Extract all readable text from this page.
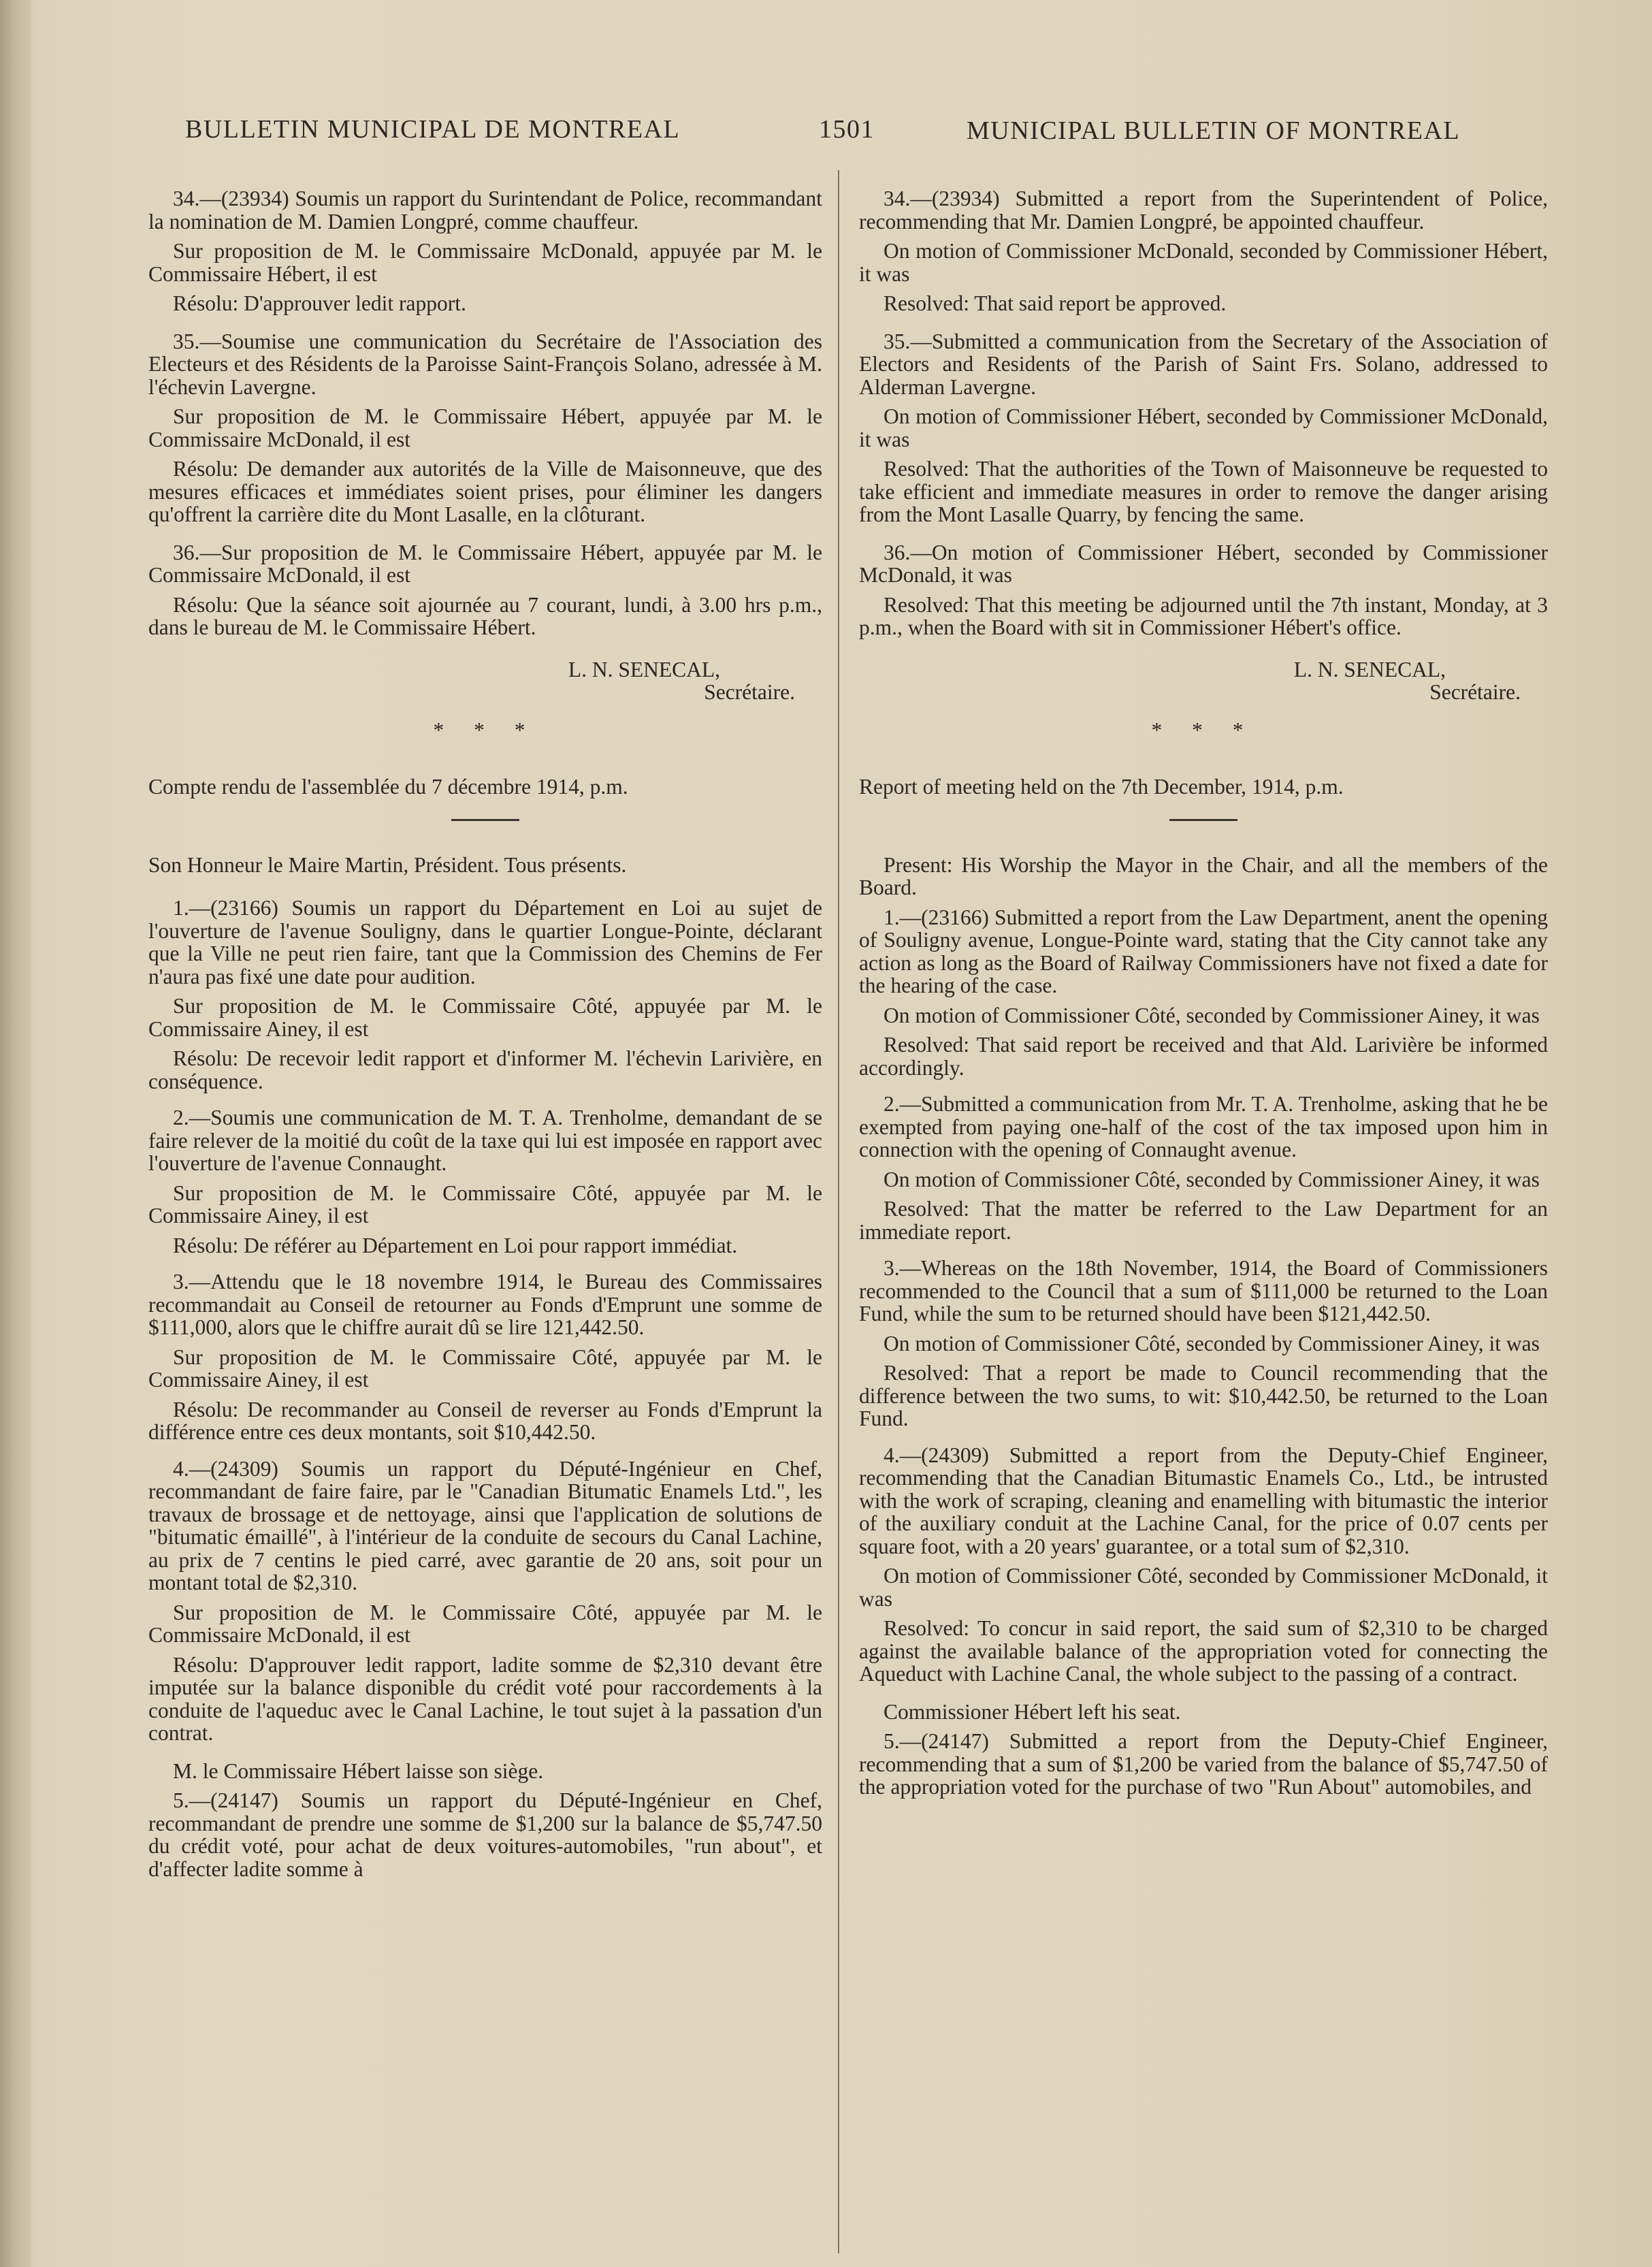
BULLETIN MUNICIPAL DE MONTREAL	1501	MUNICIPAL BULLETIN OF MONTREAL

34.—(23934) Soumis un rapport du Surintendant de Police, recommandant la nomination de M. Damien Longpré, comme chauffeur.

Sur proposition de M. le Commissaire McDonald, appuyée par M. le Commissaire Hébert, il est

Résolu: D'approuver ledit rapport.

35.—Soumise une communication du Secrétaire de l'Association des Electeurs et des Résidents de la Paroisse Saint-François Solano, adressée à M. l'échevin Lavergne.

Sur proposition de M. le Commissaire Hébert, appuyée par M. le Commissaire McDonald, il est

Résolu: De demander aux autorités de la Ville de Maisonneuve, que des mesures efficaces et immédiates soient prises, pour éliminer les dangers qu'offrent la carrière dite du Mont Lasalle, en la clôturant.

36.—Sur proposition de M. le Commissaire Hébert, appuyée par M. le Commissaire McDonald, il est

Résolu: Que la séance soit ajournée au 7 courant, lundi, à 3.00 hrs p.m., dans le bureau de M. le Commissaire Hébert.

L. N. SENECAL,

Secrétaire.

* * *

Compte rendu de l'assemblée du 7 décembre 1914, p.m.

Son Honneur le Maire Martin, Président. Tous présents.

1.—(23166) Soumis un rapport du Département en Loi au sujet de l'ouverture de l'avenue Souligny, dans le quartier Longue-Pointe, déclarant que la Ville ne peut rien faire, tant que la Commission des Chemins de Fer n'aura pas fixé une date pour audition.

Sur proposition de M. le Commissaire Côté, appuyée par M. le Commissaire Ainey, il est

Résolu: De recevoir ledit rapport et d'informer M. l'échevin Larivière, en conséquence.

2.—Soumis une communication de M. T. A. Trenholme, demandant de se faire relever de la moitié du coût de la taxe qui lui est imposée en rapport avec l'ouverture de l'avenue Connaught.

Sur proposition de M. le Commissaire Côté, appuyée par M. le Commissaire Ainey, il est

Résolu: De référer au Département en Loi pour rapport immédiat.

3.—Attendu que le 18 novembre 1914, le Bureau des Commissaires recommandait au Conseil de retourner au Fonds d'Emprunt une somme de $111,000, alors que le chiffre aurait dû se lire 121,442.50.

Sur proposition de M. le Commissaire Côté, appuyée par M. le Commissaire Ainey, il est

Résolu: De recommander au Conseil de reverser au Fonds d'Emprunt la différence entre ces deux montants, soit $10,442.50.

4.—(24309) Soumis un rapport du Député-Ingénieur en Chef, recommandant de faire faire, par le "Canadian Bitumatic Enamels Ltd.", les travaux de brossage et de nettoyage, ainsi que l'application de solutions de "bitumatic émaillé", à l'intérieur de la conduite de secours du Canal Lachine, au prix de 7 centins le pied carré, avec garantie de 20 ans, soit pour un montant total de $2,310.

Sur proposition de M. le Commissaire Côté, appuyée par M. le Commissaire McDonald, il est

Résolu: D'approuver ledit rapport, ladite somme de $2,310 devant être imputée sur la balance disponible du crédit voté pour raccordements à la conduite de l'aqueduc avec le Canal Lachine, le tout sujet à la passation d'un contrat.

M. le Commissaire Hébert laisse son siège.

5.—(24147) Soumis un rapport du Député-Ingénieur en Chef, recommandant de prendre une somme de $1,200 sur la balance de $5,747.50 du crédit voté, pour achat de deux voitures-automobiles, "run about", et d'affecter ladite somme à

34.—(23934) Submitted a report from the Superintendent of Police, recommending that Mr. Damien Longpré, be appointed chauffeur.

On motion of Commissioner McDonald, seconded by Commissioner Hébert, it was

Resolved: That said report be approved.

35.—Submitted a communication from the Secretary of the Association of Electors and Residents of the Parish of Saint Frs. Solano, addressed to Alderman Lavergne.

On motion of Commissioner Hébert, seconded by Commissioner McDonald, it was

Resolved: That the authorities of the Town of Maisonneuve be requested to take efficient and immediate measures in order to remove the danger arising from the Mont Lasalle Quarry, by fencing the same.

36.—On motion of Commissioner Hébert, seconded by Commissioner McDonald, it was

Resolved: That this meeting be adjourned until the 7th instant, Monday, at 3 p.m., when the Board with sit in Commissioner Hébert's office.

L. N. SENECAL,

Secrétaire.

* * *

Report of meeting held on the 7th December, 1914, p.m.

Present: His Worship the Mayor in the Chair, and all the members of the Board.

1.—(23166) Submitted a report from the Law Department, anent the opening of Souligny avenue, Longue-Pointe ward, stating that the City cannot take any action as long as the Board of Railway Commissioners have not fixed a date for the hearing of the case.

On motion of Commissioner Côté, seconded by Commissioner Ainey, it was

Resolved: That said report be received and that Ald. Larivière be informed accordingly.

2.—Submitted a communication from Mr. T. A. Trenholme, asking that he be exempted from paying one-half of the cost of the tax imposed upon him in connection with the opening of Connaught avenue.

On motion of Commissioner Côté, seconded by Commissioner Ainey, it was

Resolved: That the matter be referred to the Law Department for an immediate report.

3.—Whereas on the 18th November, 1914, the Board of Commissioners recommended to the Council that a sum of $111,000 be returned to the Loan Fund, while the sum to be returned should have been $121,442.50.

On motion of Commissioner Côté, seconded by Commissioner Ainey, it was

Resolved: That a report be made to Council recommending that the difference between the two sums, to wit: $10,442.50, be returned to the Loan Fund.

4.—(24309) Submitted a report from the Deputy-Chief Engineer, recommending that the Canadian Bitumastic Enamels Co., Ltd., be intrusted with the work of scraping, cleaning and enamelling with bitumastic the interior of the auxiliary conduit at the Lachine Canal, for the price of 0.07 cents per square foot, with a 20 years' guarantee, or a total sum of $2,310.

On motion of Commissioner Côté, seconded by Commissioner McDonald, it was

Resolved: To concur in said report, the said sum of $2,310 to be charged against the available balance of the appropriation voted for connecting the Aqueduct with Lachine Canal, the whole subject to the passing of a contract.

Commissioner Hébert left his seat.

5.—(24147) Submitted a report from the Deputy-Chief Engineer, recommending that a sum of $1,200 be varied from the balance of $5,747.50 of the appropriation voted for the purchase of two "Run About" automobiles, and
